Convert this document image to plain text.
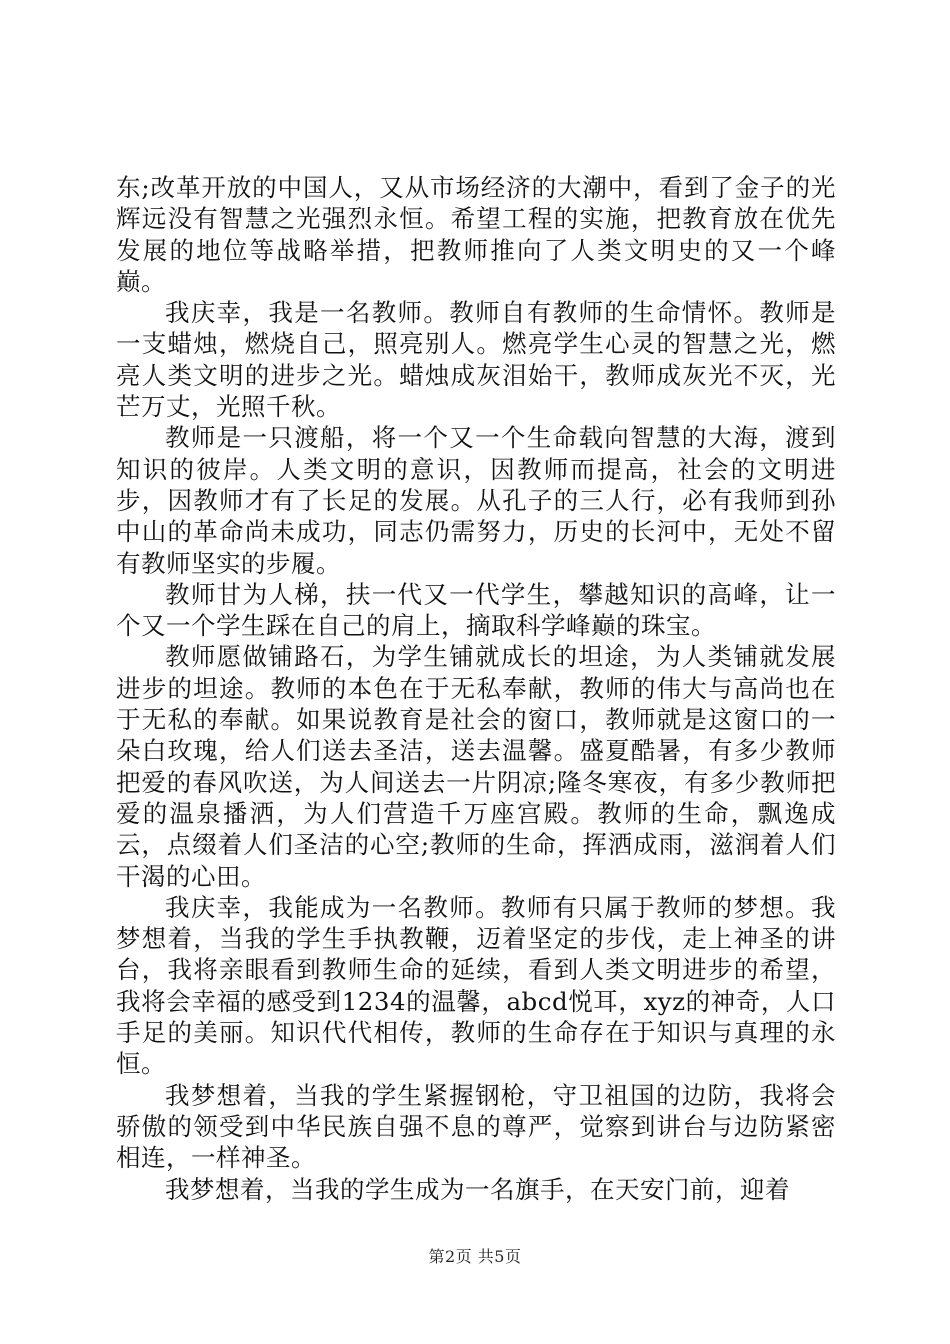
东;改革开放的中国人，又从市场经济的大潮中，看到了金子的光辉远没有智慧之光强烈永恒。希望工程的实施，把教育放在优先发展的地位等战略举措，把教师推向了人类文明史的又一个峰巅。

我庆幸，我是一名教师。教师自有教师的生命情怀。教师是一支蜡烛，燃烧自己，照亮别人。燃亮学生心灵的智慧之光，燃亮人类文明的进步之光。蜡烛成灰泪始干，教师成灰光不灭，光芒万丈，光照千秋。

教师是一只渡船，将一个又一个生命载向智慧的大海，渡到知识的彼岸。人类文明的意识，因教师而提高，社会的文明进步，因教师才有了长足的发展。从孔子的三人行，必有我师到孙中山的革命尚未成功，同志仍需努力，历史的长河中，无处不留有教师坚实的步履。

教师甘为人梯，扶一代又一代学生，攀越知识的高峰，让一个又一个学生踩在自己的肩上，摘取科学峰巅的珠宝。

教师愿做铺路石，为学生铺就成长的坦途，为人类铺就发展进步的坦途。教师的本色在于无私奉献，教师的伟大与高尚也在于无私的奉献。如果说教育是社会的窗口，教师就是这窗口的一朵白玫瑰，给人们送去圣洁，送去温馨。盛夏酷暑，有多少教师把爱的春风吹送，为人间送去一片阴凉;隆冬寒夜，有多少教师把爱的温泉播洒，为人们营造千万座宫殿。教师的生命，飘逸成云，点缀着人们圣洁的心空;教师的生命，挥洒成雨，滋润着人们干渴的心田。

我庆幸，我能成为一名教师。教师有只属于教师的梦想。我梦想着，当我的学生手执教鞭，迈着坚定的步伐，走上神圣的讲台，我将亲眼看到教师生命的延续，看到人类文明进步的希望，我将会幸福的感受到1234的温馨，abcd悦耳，xyz的神奇，人口手足的美丽。知识代代相传，教师的生命存在于知识与真理的永恒。

我梦想着，当我的学生紧握钢枪，守卫祖国的边防，我将会骄傲的领受到中华民族自强不息的尊严，觉察到讲台与边防紧密相连，一样神圣。

我梦想着，当我的学生成为一名旗手，在天安门前，迎着

第2页 共5页
